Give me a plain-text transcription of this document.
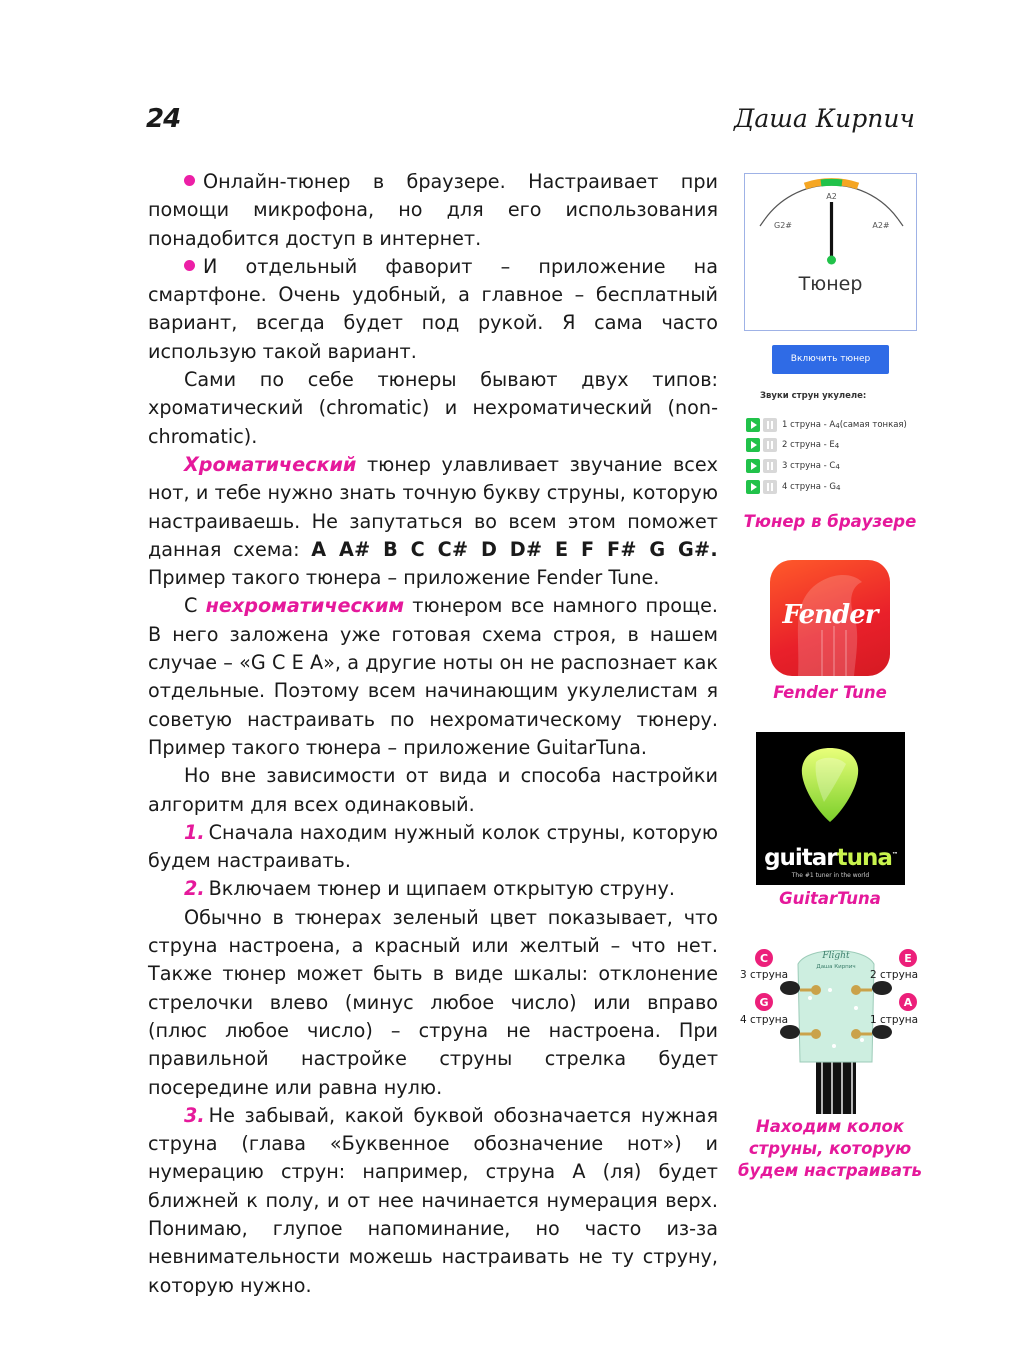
24	Даша Кирпич

Онлайн-тюнер в браузере. Настраивает при помощи микрофона, но для его использования понадобится доступ в интернет.

И отдельный фаворит – приложение на смартфоне. Очень удобный, а главное – бесплатный вариант, всегда будет под рукой. Я сама часто использую такой вариант.

Сами по себе тюнеры бывают двух типов: хроматический (chromatic) и нехроматический (non-chromatic).

Хроматический тюнер улавливает звучание всех нот, и тебе нужно знать точную букву струны, которую настраиваешь. Не запутаться во всем этом поможет данная схема: A A# B C C# D D# E F F# G G#. Пример такого тюнера – приложение Fender Tune.

С нехроматическим тюнером все намного проще. В него заложена уже готовая схема строя, в нашем случае – «G C E A», а другие ноты он не распознает как отдельные. Поэтому всем начинающим укулелистам я советую настраивать по нехроматическому тюнеру. Пример такого тюнера – приложение GuitarTuna.

Но вне зависимости от вида и способа настройки алгоритм для всех одинаковый.

1. Сначала находим нужный колок струны, которую будем настраивать.

2. Включаем тюнер и щипаем открытую струну.

Обычно в тюнерах зеленый цвет показывает, что струна настроена, а красный или желтый – что нет. Также тюнер может быть в виде шкалы: отклонение стрелочки влево (минус любое число) или вправо (плюс любое число) – струна не настроена. При правильной настройке струны стрелка будет посередине или равна нулю.

3. Не забывай, какой буквой обозначается нужная струна (глава «Буквенное обозначение нот») и нумерацию струн: например, струна A (ля) будет ближней к полу, и от нее начинается нумерация верх. Понимаю, глупое напоминание, но часто из-за невнимательности можешь настраивать не ту струну, которую нужно.

A2
G2#	A2#
Тюнер
Включить тюнер
Звуки струн укулеле:
1 струна - A 4 (самая тонкая)
2 струна - E 4
3 струна - C 4
4 струна - G 4
Тюнер в браузере
Fender
Fender Tune
guitartuna™
The #1 tuner in the world
GuitarTuna
Flight
Даша Кирпич
C	E
G	A
3 струна	2 струна
4 струна	1 струна
Находим колок струны, которую будем настраивать
